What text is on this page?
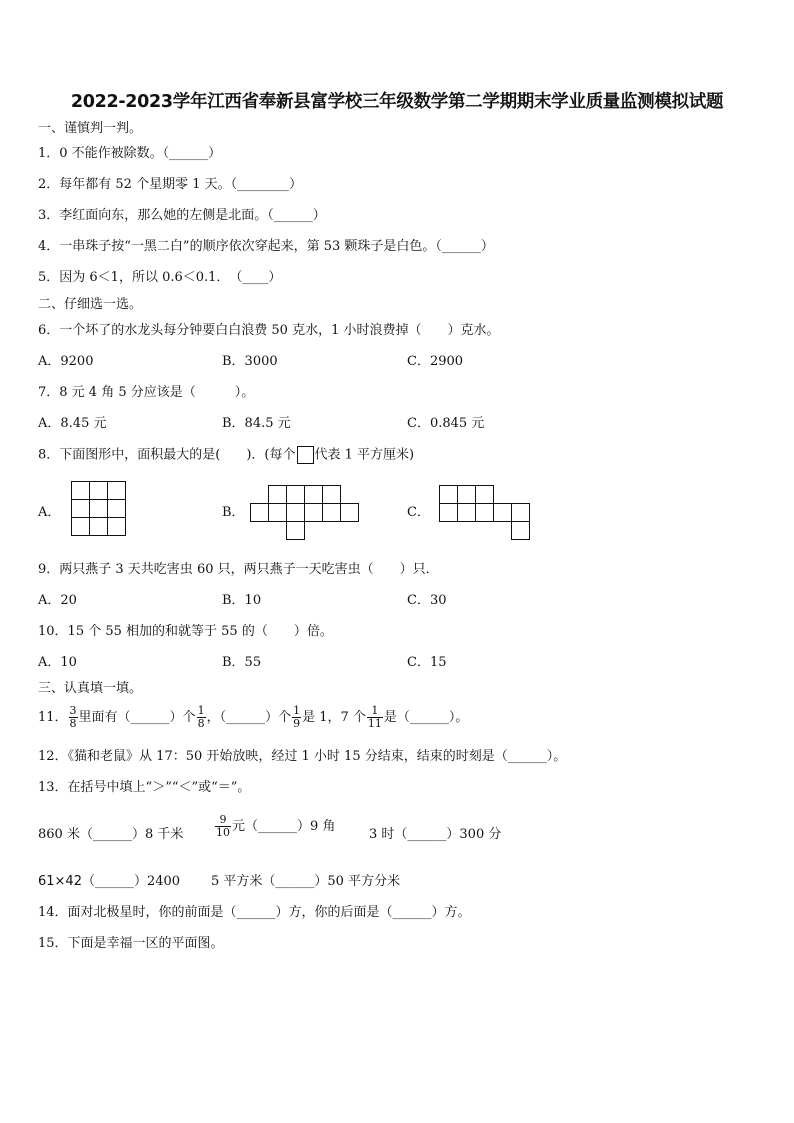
2022-2023学年江西省奉新县富学校三年级数学第二学期期末学业质量监测模拟试题
一、谨慎判一判。
1．0 不能作被除数。（______）
2．每年都有 52 个星期零 1 天。（________）
3．李红面向东，那么她的左侧是北面。（______）
4．一串珠子按“一黑二白”的顺序依次穿起来，第 53 颗珠子是白色。（______）
5．因为 6＜1，所以 0.6＜0.1．　（____）
二、仔细选一选。
6．一个坏了的水龙头每分钟要白白浪费 50 克水，1 小时浪费掉（　　）克水。
A．9200	B．3000	C．2900
7．8 元 4 角 5 分应该是（　　　）。
A．8.45 元	B．84.5 元	C．0.845 元
8．下面图形中，面积最大的是(　　)．(每个 代表 1 平方厘米)
A．	B．	C．
9．两只燕子 3 天共吃害虫 60 只，两只燕子一天吃害虫（　　）只．
A．20	B．10	C．30
10．15 个 55 相加的和就等于 55 的（　　）倍。
A．10	B．55	C．15
三、认真填一填。
11． $\frac{3}{8}$ 里面有（______）个 $\frac{1}{8}$ ，（______）个 $\frac{1}{9}$ 是 1，7 个 $\frac{1}{11}$ 是（______）。
12．《猫和老鼠》从 17：50 开始放映，经过 1 小时 15 分结束，结束的时刻是（______）。
13．在括号中填上“＞”“＜”或“＝”。
860 米（______）8 千米	$\frac{9}{10}$ 元（______）9 角
3 时（______）300 分
61×42（______）2400 5 平方米（______）50 平方分米
14．面对北极星时，你的前面是（______）方，你的后面是（______）方。
15．下面是幸福一区的平面图。
